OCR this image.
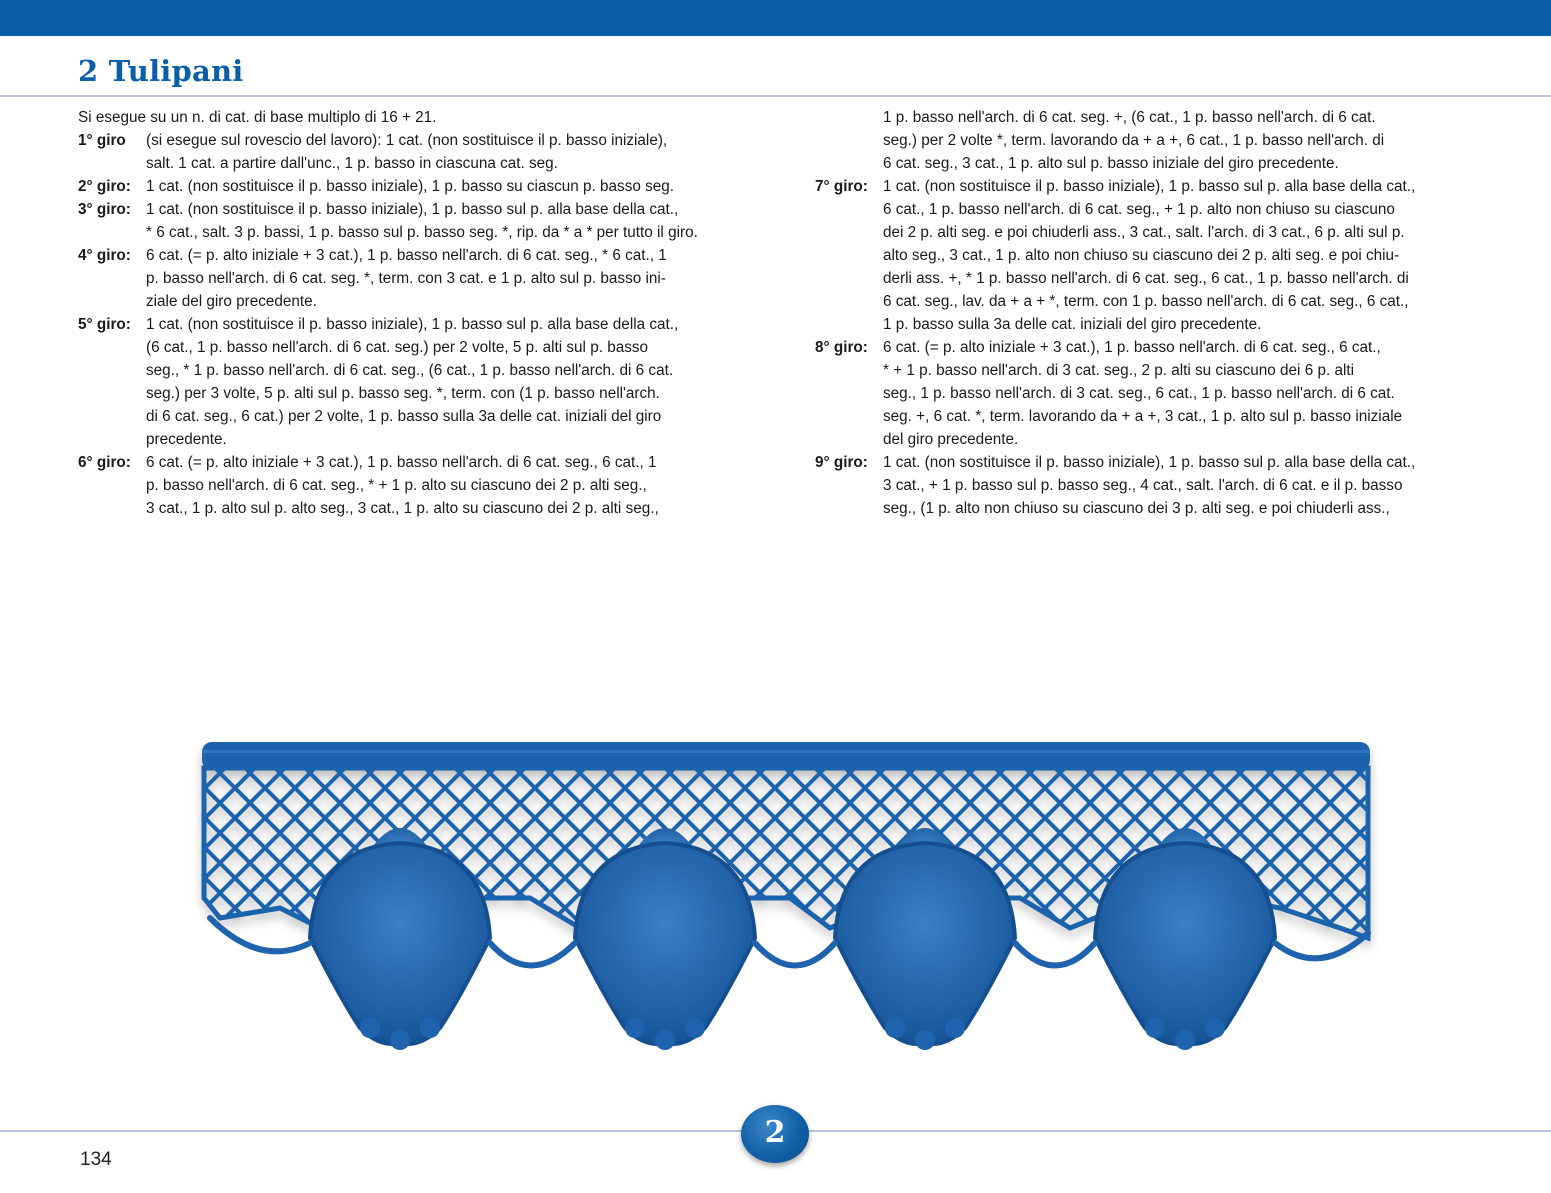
2 Tulipani
Si esegue su un n. di cat. di base multiplo di 16 + 21.
1° giro	(si esegue sul rovescio del lavoro): 1 cat. (non sostituisce il p. basso iniziale),
salt. 1 cat. a partire dall'unc., 1 p. basso in ciascuna cat. seg.
2° giro: 1 cat. (non sostituisce il p. basso iniziale), 1 p. basso su ciascun p. basso seg.
3° giro: 1 cat. (non sostituisce il p. basso iniziale), 1 p. basso sul p. alla base della cat.,
* 6 cat., salt. 3 p. bassi, 1 p. basso sul p. basso seg. *, rip. da * a * per tutto il giro.
4° giro: 6 cat. (= p. alto iniziale + 3 cat.), 1 p. basso nell'arch. di 6 cat. seg., * 6 cat., 1
p. basso nell'arch. di 6 cat. seg. *, term. con 3 cat. e 1 p. alto sul p. basso ini-
ziale del giro precedente.
5° giro: 1 cat. (non sostituisce il p. basso iniziale), 1 p. basso sul p. alla base della cat.,
(6 cat., 1 p. basso nell'arch. di 6 cat. seg.) per 2 volte, 5 p. alti sul p. basso
seg., * 1 p. basso nell'arch. di 6 cat. seg., (6 cat., 1 p. basso nell'arch. di 6 cat.
seg.) per 3 volte, 5 p. alti sul p. basso seg. *, term. con (1 p. basso nell'arch.
di 6 cat. seg., 6 cat.) per 2 volte, 1 p. basso sulla 3a delle cat. iniziali del giro
precedente.
6° giro: 6 cat. (= p. alto iniziale + 3 cat.), 1 p. basso nell'arch. di 6 cat. seg., 6 cat., 1
p. basso nell'arch. di 6 cat. seg., * + 1 p. alto su ciascuno dei 2 p. alti seg.,
3 cat., 1 p. alto sul p. alto seg., 3 cat., 1 p. alto su ciascuno dei 2 p. alti seg.,
1 p. basso nell'arch. di 6 cat. seg. +, (6 cat., 1 p. basso nell'arch. di 6 cat.
seg.) per 2 volte *, term. lavorando da + a +, 6 cat., 1 p. basso nell'arch. di
6 cat. seg., 3 cat., 1 p. alto sul p. basso iniziale del giro precedente.
7° giro: 1 cat. (non sostituisce il p. basso iniziale), 1 p. basso sul p. alla base della cat.,
6 cat., 1 p. basso nell'arch. di 6 cat. seg., + 1 p. alto non chiuso su ciascuno
dei 2 p. alti seg. e poi chiuderli ass., 3 cat., salt. l'arch. di 3 cat., 6 p. alti sul p.
alto seg., 3 cat., 1 p. alto non chiuso su ciascuno dei 2 p. alti seg. e poi chiu-
derli ass. +, * 1 p. basso nell'arch. di 6 cat. seg., 6 cat., 1 p. basso nell'arch. di
6 cat. seg., lav. da + a + *, term. con 1 p. basso nell'arch. di 6 cat. seg., 6 cat.,
1 p. basso sulla 3a delle cat. iniziali del giro precedente.
8° giro: 6 cat. (= p. alto iniziale + 3 cat.), 1 p. basso nell'arch. di 6 cat. seg., 6 cat.,
* + 1 p. basso nell'arch. di 3 cat. seg., 2 p. alti su ciascuno dei 6 p. alti
seg., 1 p. basso nell'arch. di 3 cat. seg., 6 cat., 1 p. basso nell'arch. di 6 cat.
seg. +, 6 cat. *, term. lavorando da + a +, 3 cat., 1 p. alto sul p. basso iniziale
del giro precedente.
9° giro: 1 cat. (non sostituisce il p. basso iniziale), 1 p. basso sul p. alla base della cat.,
3 cat., + 1 p. basso sul p. basso seg., 4 cat., salt. l'arch. di 6 cat. e il p. basso
seg., (1 p. alto non chiuso su ciascuno dei 3 p. alti seg. e poi chiuderli ass.,
134
2
